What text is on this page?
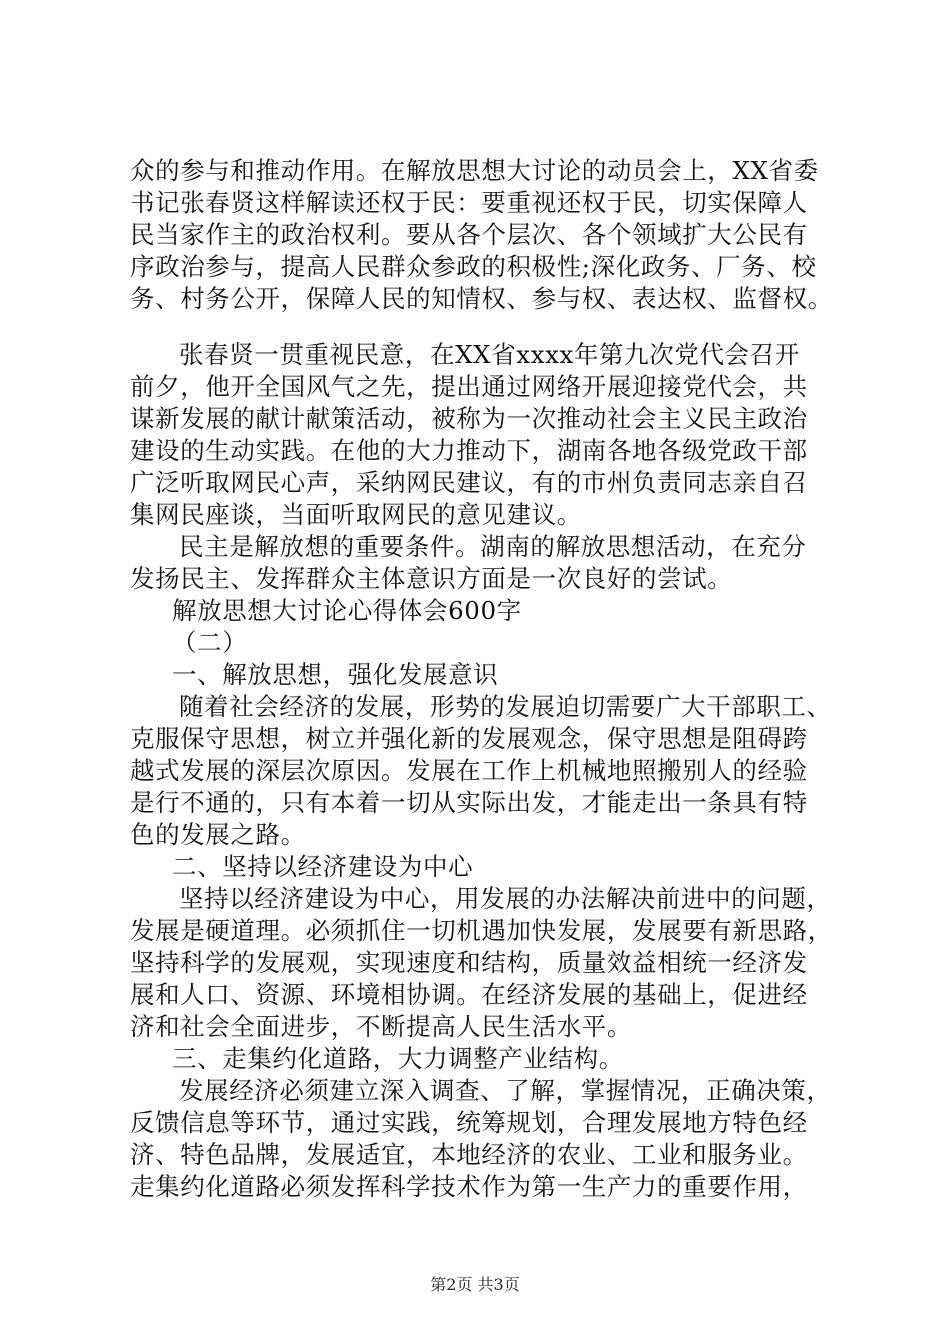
众的参与和推动作用。在解放思想大讨论的动员会上，XX省委
书记张春贤这样解读还权于民：要重视还权于民，切实保障人
民当家作主的政治权利。要从各个层次、各个领域扩大公民有
序政治参与，提高人民群众参政的积极性;深化政务、厂务、校
务、村务公开，保障人民的知情权、参与权、表达权、监督权。
张春贤一贯重视民意，在XX省xxxx年第九次党代会召开
前夕，他开全国风气之先，提出通过网络开展迎接党代会，共
谋新发展的献计献策活动，被称为一次推动社会主义民主政治
建设的生动实践。在他的大力推动下，湖南各地各级党政干部
广泛听取网民心声，采纳网民建议，有的市州负责同志亲自召
集网民座谈，当面听取网民的意见建议。
民主是解放想的重要条件。湖南的解放思想活动，在充分
发扬民主、发挥群众主体意识方面是一次良好的尝试。
解放思想大讨论心得体会600字
（二）
一、解放思想，强化发展意识
随着社会经济的发展，形势的发展迫切需要广大干部职工、
克服保守思想，树立并强化新的发展观念，保守思想是阻碍跨
越式发展的深层次原因。发展在工作上机械地照搬别人的经验
是行不通的，只有本着一切从实际出发，才能走出一条具有特
色的发展之路。
二、坚持以经济建设为中心
坚持以经济建设为中心，用发展的办法解决前进中的问题，
发展是硬道理。必须抓住一切机遇加快发展，发展要有新思路，
坚持科学的发展观，实现速度和结构，质量效益相统一经济发
展和人口、资源、环境相协调。在经济发展的基础上，促进经
济和社会全面进步，不断提高人民生活水平。
三、走集约化道路，大力调整产业结构。
发展经济必须建立深入调查、了解，掌握情况，正确决策，
反馈信息等环节，通过实践，统筹规划，合理发展地方特色经
济、特色品牌，发展适宜，本地经济的农业、工业和服务业。
走集约化道路必须发挥科学技术作为第一生产力的重要作用，
第2页 共3页
